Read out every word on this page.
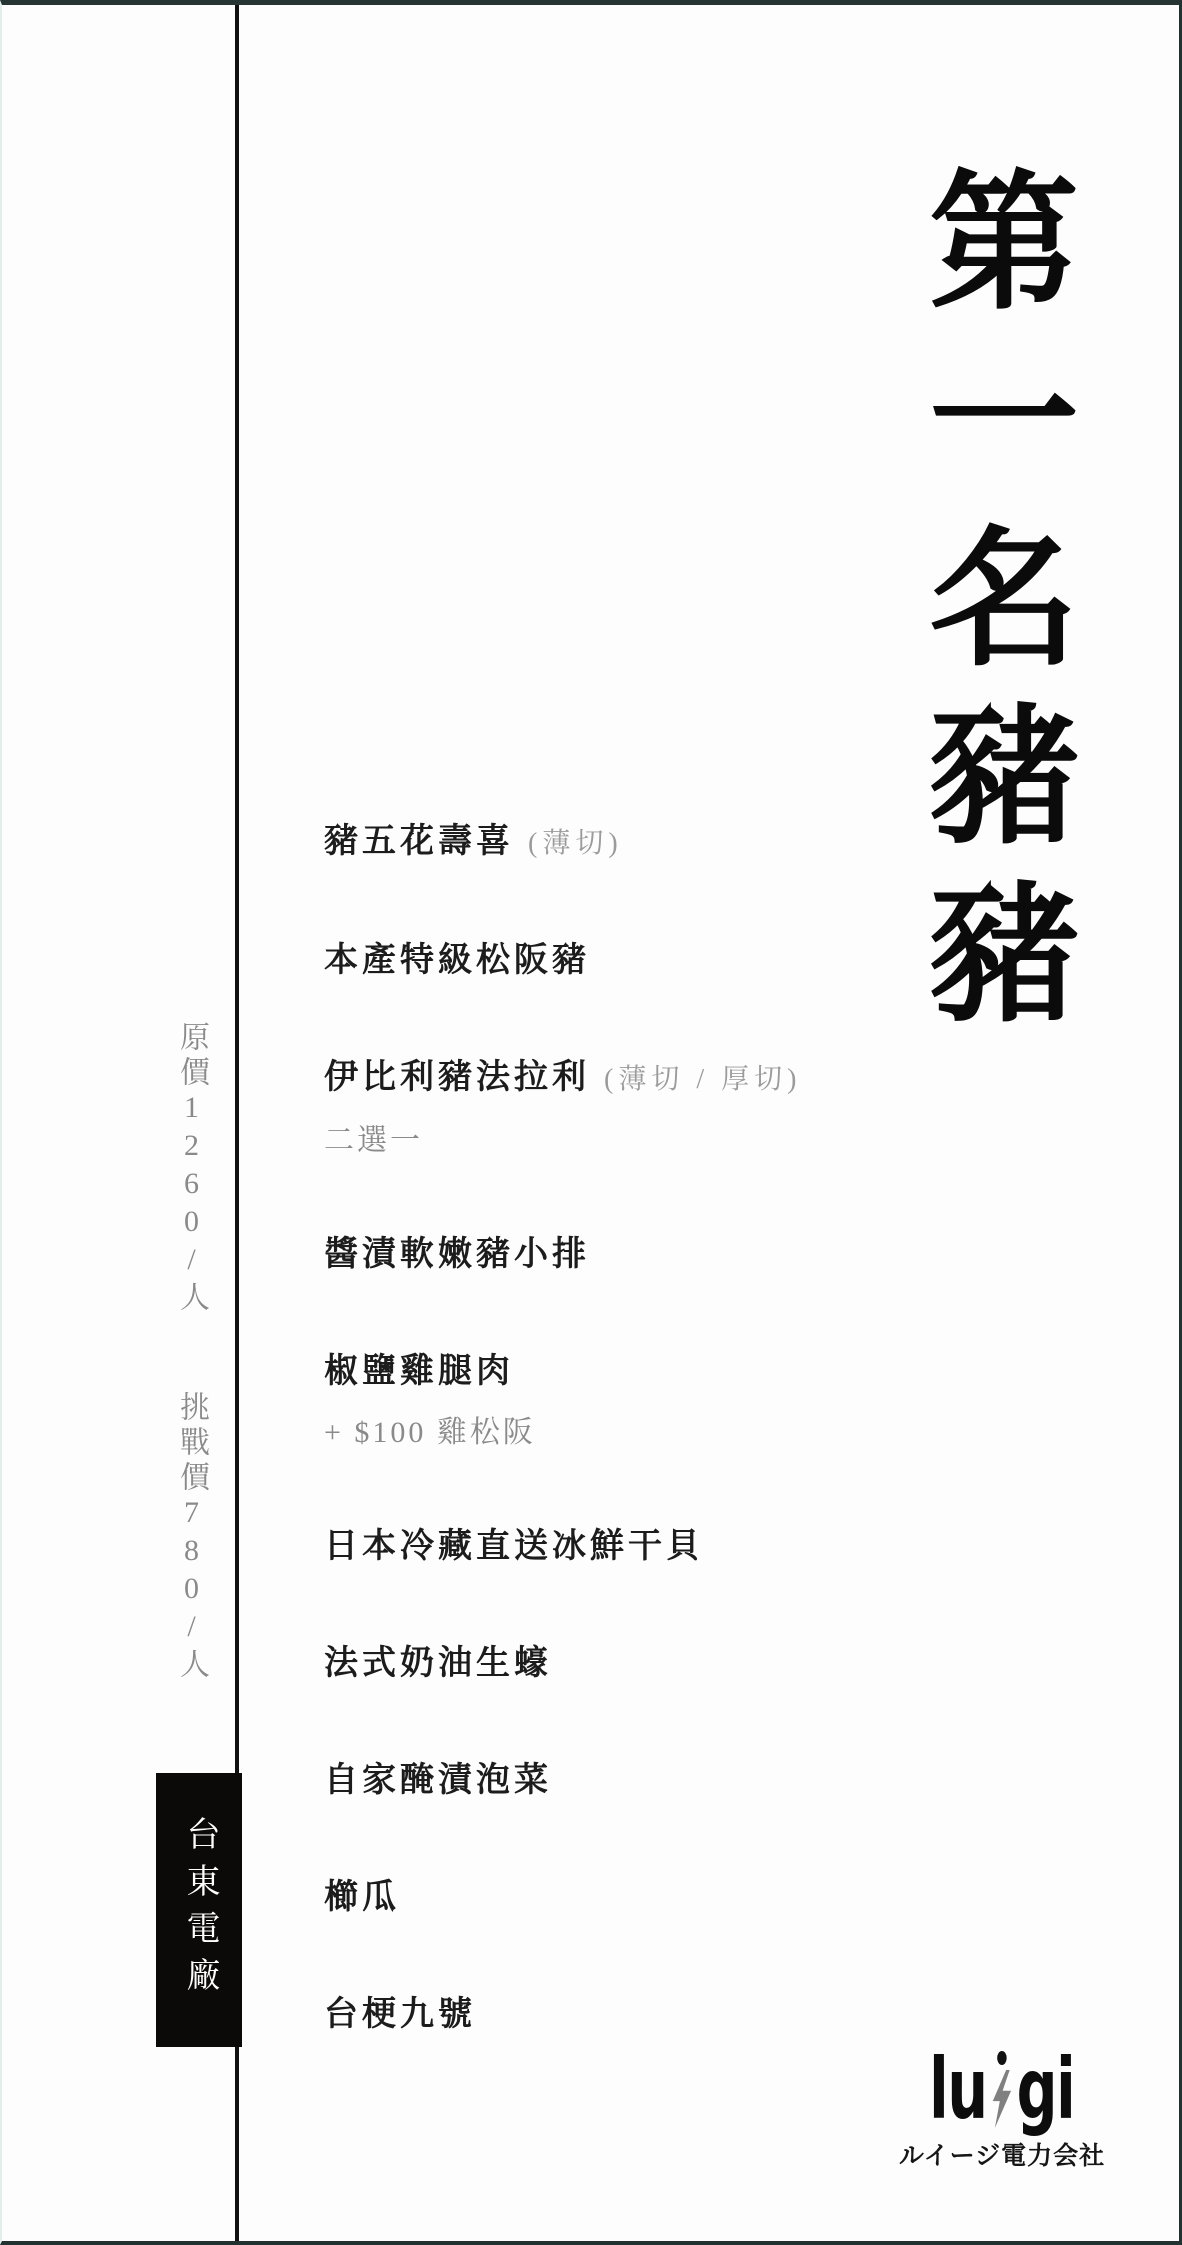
原價1260/人
挑戰價780/人
台東電廠
第一名豬豬
豬五花壽喜 (薄切)
本產特級松阪豬
伊比利豬法拉利 (薄切 / 厚切)
二選一
醬漬軟嫩豬小排
椒鹽雞腿肉
+ $100 雞松阪
日本冷藏直送冰鮮干貝
法式奶油生蠔
自家醃漬泡菜
櫛瓜
台梗九號
lu gi
ルイージ電力会社
